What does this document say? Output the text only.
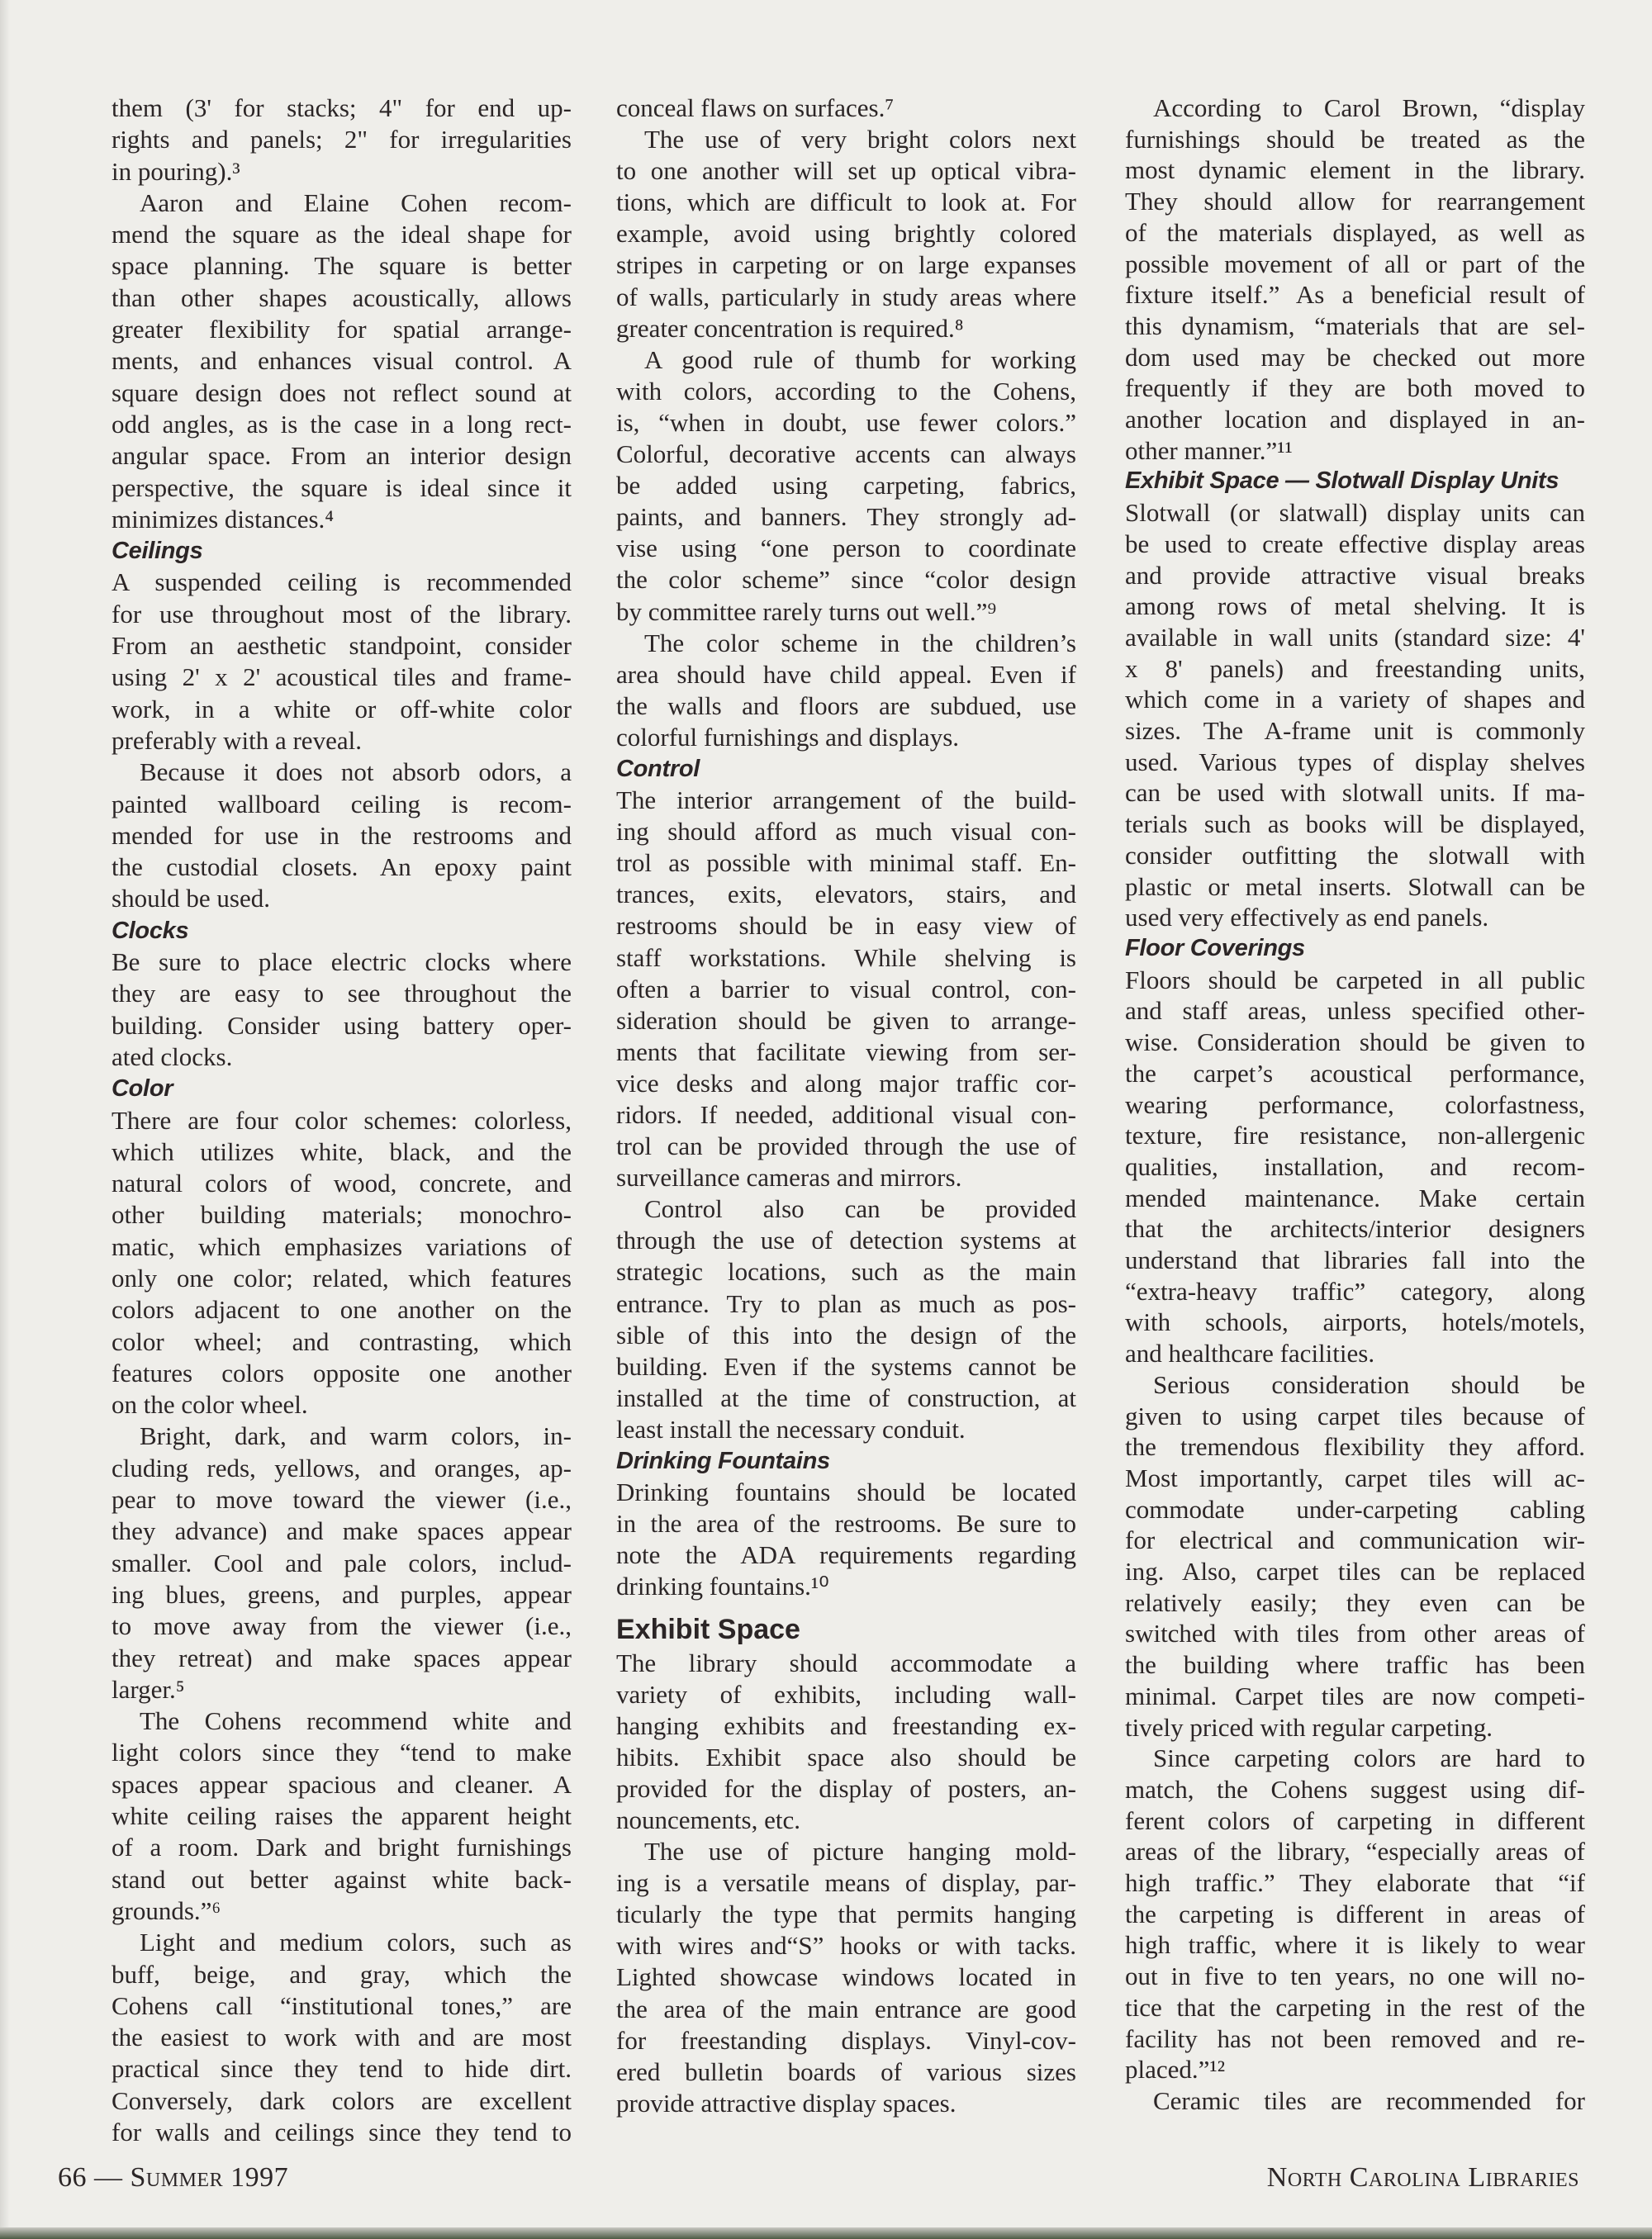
them (3' for stacks; 4" for end up-
rights and panels; 2" for irregularities
in pouring).³
Aaron and Elaine Cohen recom-
mend the square as the ideal shape for
space planning. The square is better
than other shapes acoustically, allows
greater flexibility for spatial arrange-
ments, and enhances visual control. A
square design does not reflect sound at
odd angles, as is the case in a long rect-
angular space. From an interior design
perspective, the square is ideal since it
minimizes distances.⁴
Ceilings
A suspended ceiling is recommended
for use throughout most of the library.
From an aesthetic standpoint, consider
using 2' x 2' acoustical tiles and frame-
work, in a white or off-white color
preferably with a reveal.
Because it does not absorb odors, a
painted wallboard ceiling is recom-
mended for use in the restrooms and
the custodial closets. An epoxy paint
should be used.
Clocks
Be sure to place electric clocks where
they are easy to see throughout the
building. Consider using battery oper-
ated clocks.
Color
There are four color schemes: colorless,
which utilizes white, black, and the
natural colors of wood, concrete, and
other building materials; monochro-
matic, which emphasizes variations of
only one color; related, which features
colors adjacent to one another on the
color wheel; and contrasting, which
features colors opposite one another
on the color wheel.
Bright, dark, and warm colors, in-
cluding reds, yellows, and oranges, ap-
pear to move toward the viewer (i.e.,
they advance) and make spaces appear
smaller. Cool and pale colors, includ-
ing blues, greens, and purples, appear
to move away from the viewer (i.e.,
they retreat) and make spaces appear
larger.⁵
The Cohens recommend white and
light colors since they “tend to make
spaces appear spacious and cleaner. A
white ceiling raises the apparent height
of a room. Dark and bright furnishings
stand out better against white back-
grounds.”⁶
Light and medium colors, such as
buff, beige, and gray, which the
Cohens call “institutional tones,” are
the easiest to work with and are most
practical since they tend to hide dirt.
Conversely, dark colors are excellent
for walls and ceilings since they tend to
conceal flaws on surfaces.⁷
The use of very bright colors next
to one another will set up optical vibra-
tions, which are difficult to look at. For
example, avoid using brightly colored
stripes in carpeting or on large expanses
of walls, particularly in study areas where
greater concentration is required.⁸
A good rule of thumb for working
with colors, according to the Cohens,
is, “when in doubt, use fewer colors.”
Colorful, decorative accents can always
be added using carpeting, fabrics,
paints, and banners. They strongly ad-
vise using “one person to coordinate
the color scheme” since “color design
by committee rarely turns out well.”⁹
The color scheme in the children’s
area should have child appeal. Even if
the walls and floors are subdued, use
colorful furnishings and displays.
Control
The interior arrangement of the build-
ing should afford as much visual con-
trol as possible with minimal staff. En-
trances, exits, elevators, stairs, and
restrooms should be in easy view of
staff workstations. While shelving is
often a barrier to visual control, con-
sideration should be given to arrange-
ments that facilitate viewing from ser-
vice desks and along major traffic cor-
ridors. If needed, additional visual con-
trol can be provided through the use of
surveillance cameras and mirrors.
Control also can be provided
through the use of detection systems at
strategic locations, such as the main
entrance. Try to plan as much as pos-
sible of this into the design of the
building. Even if the systems cannot be
installed at the time of construction, at
least install the necessary conduit.
Drinking Fountains
Drinking fountains should be located
in the area of the restrooms. Be sure to
note the ADA requirements regarding
drinking fountains.¹⁰
Exhibit Space
The library should accommodate a
variety of exhibits, including wall-
hanging exhibits and freestanding ex-
hibits. Exhibit space also should be
provided for the display of posters, an-
nouncements, etc.
The use of picture hanging mold-
ing is a versatile means of display, par-
ticularly the type that permits hanging
with wires and“S” hooks or with tacks.
Lighted showcase windows located in
the area of the main entrance are good
for freestanding displays. Vinyl-cov-
ered bulletin boards of various sizes
provide attractive display spaces.
According to Carol Brown, “display
furnishings should be treated as the
most dynamic element in the library.
They should allow for rearrangement
of the materials displayed, as well as
possible movement of all or part of the
fixture itself.” As a beneficial result of
this dynamism, “materials that are sel-
dom used may be checked out more
frequently if they are both moved to
another location and displayed in an-
other manner.”¹¹
Exhibit Space — Slotwall Display Units
Slotwall (or slatwall) display units can
be used to create effective display areas
and provide attractive visual breaks
among rows of metal shelving. It is
available in wall units (standard size: 4'
x 8' panels) and freestanding units,
which come in a variety of shapes and
sizes. The A-frame unit is commonly
used. Various types of display shelves
can be used with slotwall units. If ma-
terials such as books will be displayed,
consider outfitting the slotwall with
plastic or metal inserts. Slotwall can be
used very effectively as end panels.
Floor Coverings
Floors should be carpeted in all public
and staff areas, unless specified other-
wise. Consideration should be given to
the carpet’s acoustical performance,
wearing performance, colorfastness,
texture, fire resistance, non-allergenic
qualities, installation, and recom-
mended maintenance. Make certain
that the architects/interior designers
understand that libraries fall into the
“extra-heavy traffic” category, along
with schools, airports, hotels/motels,
and healthcare facilities.
Serious consideration should be
given to using carpet tiles because of
the tremendous flexibility they afford.
Most importantly, carpet tiles will ac-
commodate under-carpeting cabling
for electrical and communication wir-
ing. Also, carpet tiles can be replaced
relatively easily; they even can be
switched with tiles from other areas of
the building where traffic has been
minimal. Carpet tiles are now competi-
tively priced with regular carpeting.
Since carpeting colors are hard to
match, the Cohens suggest using dif-
ferent colors of carpeting in different
areas of the library, “especially areas of
high traffic.” They elaborate that “if
the carpeting is different in areas of
high traffic, where it is likely to wear
out in five to ten years, no one will no-
tice that the carpeting in the rest of the
facility has not been removed and re-
placed.”¹²
Ceramic tiles are recommended for
66 — Summer 1997	North Carolina Libraries
